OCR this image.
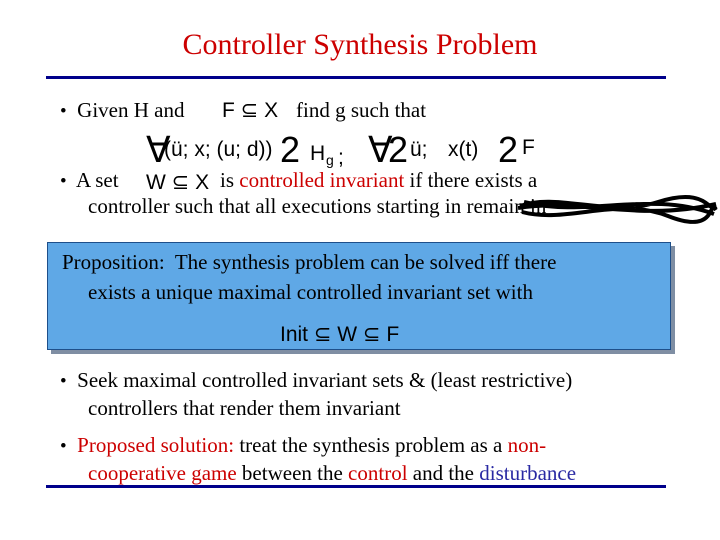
Controller Synthesis Problem
• Given H and F ⊆ X find g such that
∀
(ü; x; (u; d)) 2 H g ; ∀
2 ü; x(t) 2 F
• A set W ⊆ X is controlled invariant if there exists a
controller such that all executions starting in remain in
Proposition: The synthesis problem can be solved iff there
exists a unique maximal controlled invariant set with
Init ⊆ W ⊆ F
• Seek maximal controlled invariant sets & (least restrictive)
controllers that render them invariant
• Proposed solution: treat the synthesis problem as a non-
cooperative game between the control and the disturbance
